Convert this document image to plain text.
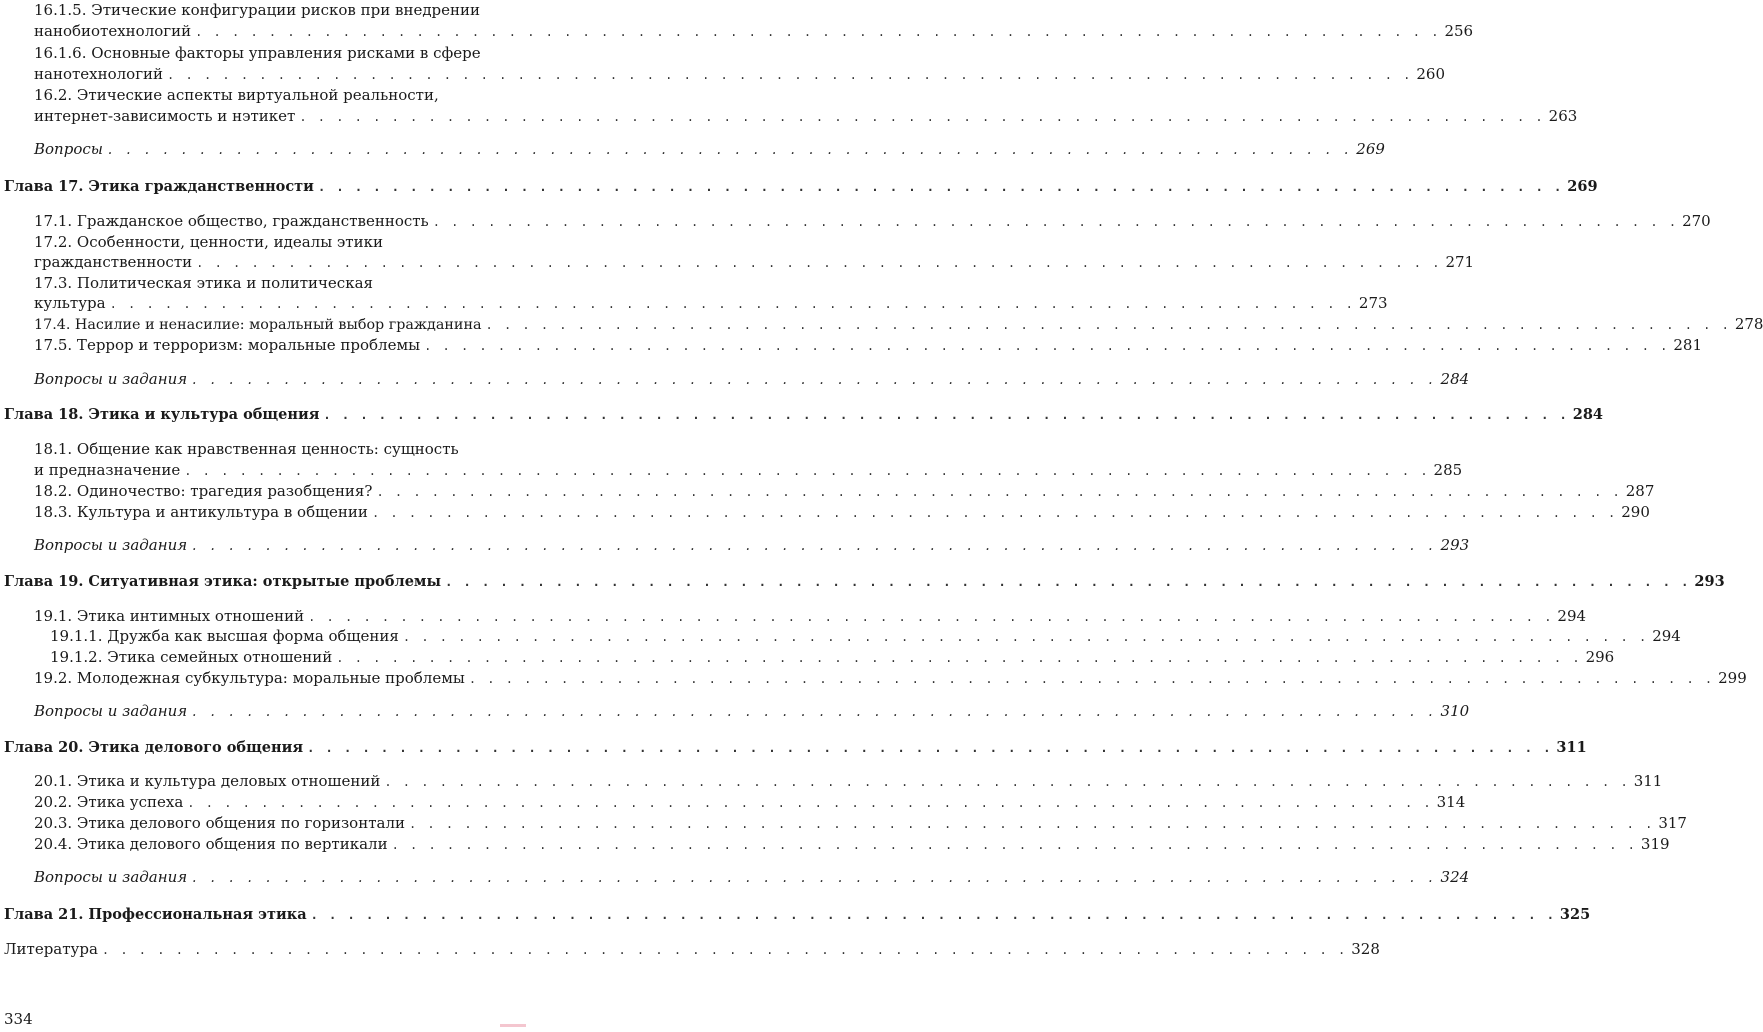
16.1.5. Этические конфигурации рисков при внедрении
нанобиотехнологий . . .	256
16.1.6. Основные факторы управления рисками в сфере
нанотехнологий . . .	260
16.2. Этические аспекты виртуальной реальности,
интернет-зависимость и нэтикет . . .	263
Вопросы . . .	269
Глава 17. Этика гражданственности . . .	269
17.1. Гражданское общество, гражданственность . . .	270
17.2. Особенности, ценности, идеалы этики
гражданственности . . .	271
17.3. Политическая этика и политическая
культура . . .	273
17.4. Насилие и ненасилие: моральный выбор гражданина . . .	278
17.5. Террор и терроризм: моральные проблемы . . .	281
Вопросы и задания . . .	284
Глава 18. Этика и культура общения . . .	284
18.1. Общение как нравственная ценность: сущность
и предназначение . . .	285
18.2. Одиночество: трагедия разобщения? . . .	287
18.3. Культура и антикультура в общении . . .	290
Вопросы и задания . . .	293
Глава 19. Ситуативная этика: открытые проблемы . . .	293
19.1. Этика интимных отношений . . .	294
19.1.1. Дружба как высшая форма общения . . .	294
19.1.2. Этика семейных отношений . . .	296
19.2. Молодежная субкультура: моральные проблемы . . .	299
Вопросы и задания . . .	310
Глава 20. Этика делового общения . . .	311
20.1. Этика и культура деловых отношений . . .	311
20.2. Этика успеха . . .	314
20.3. Этика делового общения по горизонтали . . .	317
20.4. Этика делового общения по вертикали . . .	319
Вопросы и задания . . .	324
Глава 21. Профессиональная этика . . .	325
Литература . . .	328
334
